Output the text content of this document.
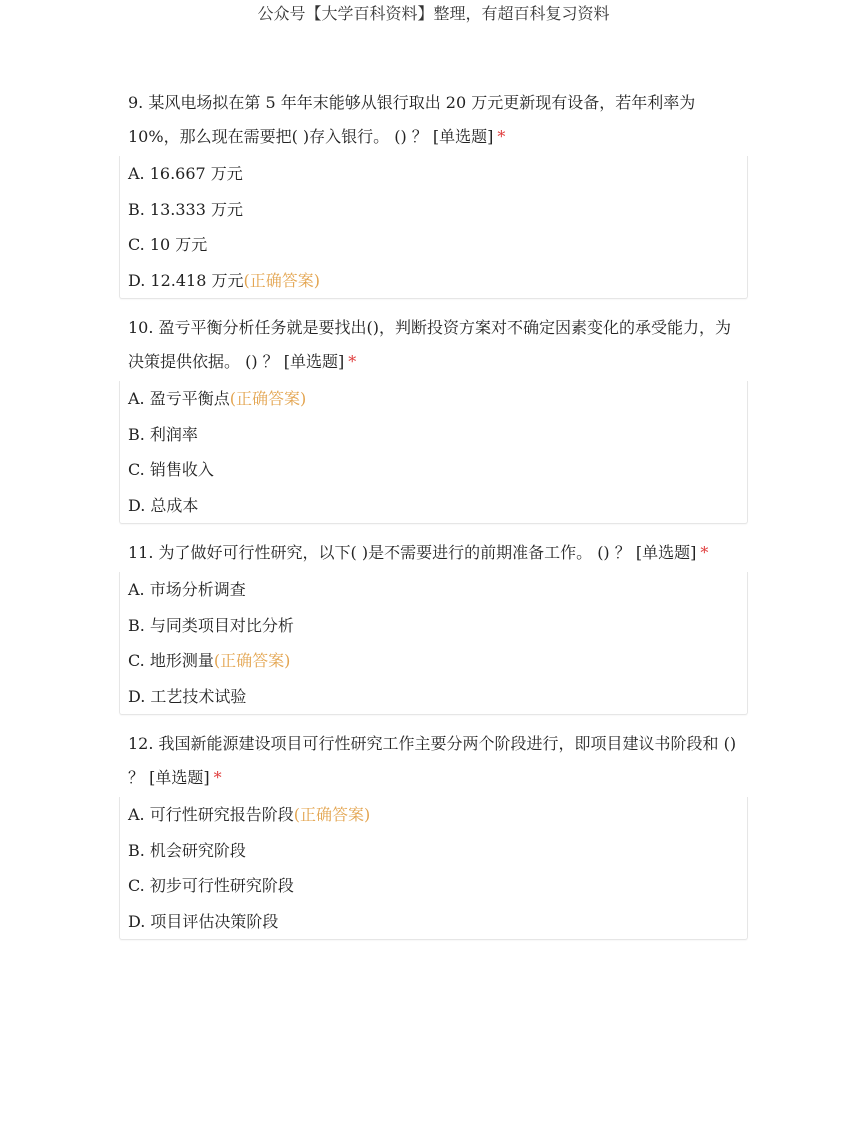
公众号【大学百科资料】整理，有超百科复习资料
9. 某风电场拟在第 5 年年末能够从银行取出 20 万元更新现有设备，若年利率为 10%，那么现在需要把( )存入银行。 () ？ [单选题] *
A. 16.667 万元
B. 13.333 万元
C. 10 万元
D. 12.418 万元(正确答案)
10. 盈亏平衡分析任务就是要找出()，判断投资方案对不确定因素变化的承受能力，为决策提供依据。 () ？ [单选题] *
A. 盈亏平衡点(正确答案)
B. 利润率
C. 销售收入
D. 总成本
11. 为了做好可行性研究，以下( )是不需要进行的前期准备工作。 () ？ [单选题] *
A. 市场分析调查
B. 与同类项目对比分析
C. 地形测量(正确答案)
D. 工艺技术试验
12. 我国新能源建设项目可行性研究工作主要分两个阶段进行，即项目建议书阶段和 () ？ [单选题] *
A. 可行性研究报告阶段(正确答案)
B. 机会研究阶段
C. 初步可行性研究阶段
D. 项目评估决策阶段
